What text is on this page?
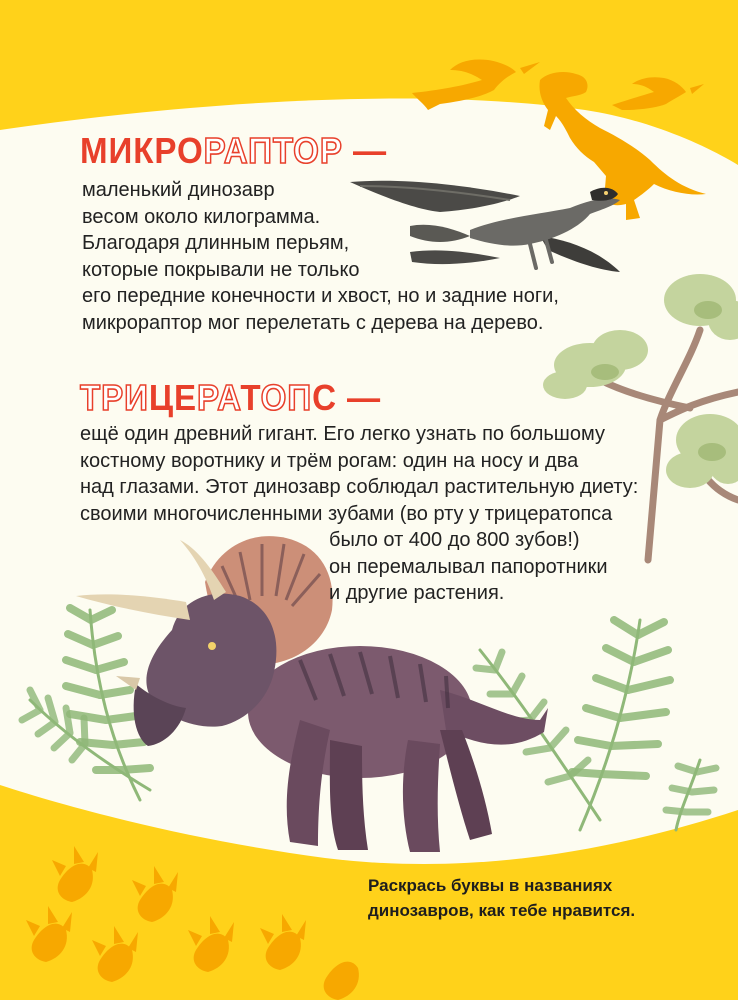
МИКРОРАПТОР —

маленький динозавр
весом около килограмма.
Благодаря длинным перьям,
которые покрывали не только
его передние конечности и хвост, но и задние ноги,
микрораптор мог перелетать с дерева на дерево.

ТРИЦЕРАТОПС —

ещё один древний гигант. Его легко узнать по большому
костному воротнику и трём рогам: один на носу и два
над глазами. Этот динозавр соблюдал растительную диету:
своими многочисленными зубами (во рту у трицератопса

было от 400 до 800 зубов!)
он перемалывал папоротники
и другие растения.

Раскрась буквы в названиях
динозавров, как тебе нравится.
